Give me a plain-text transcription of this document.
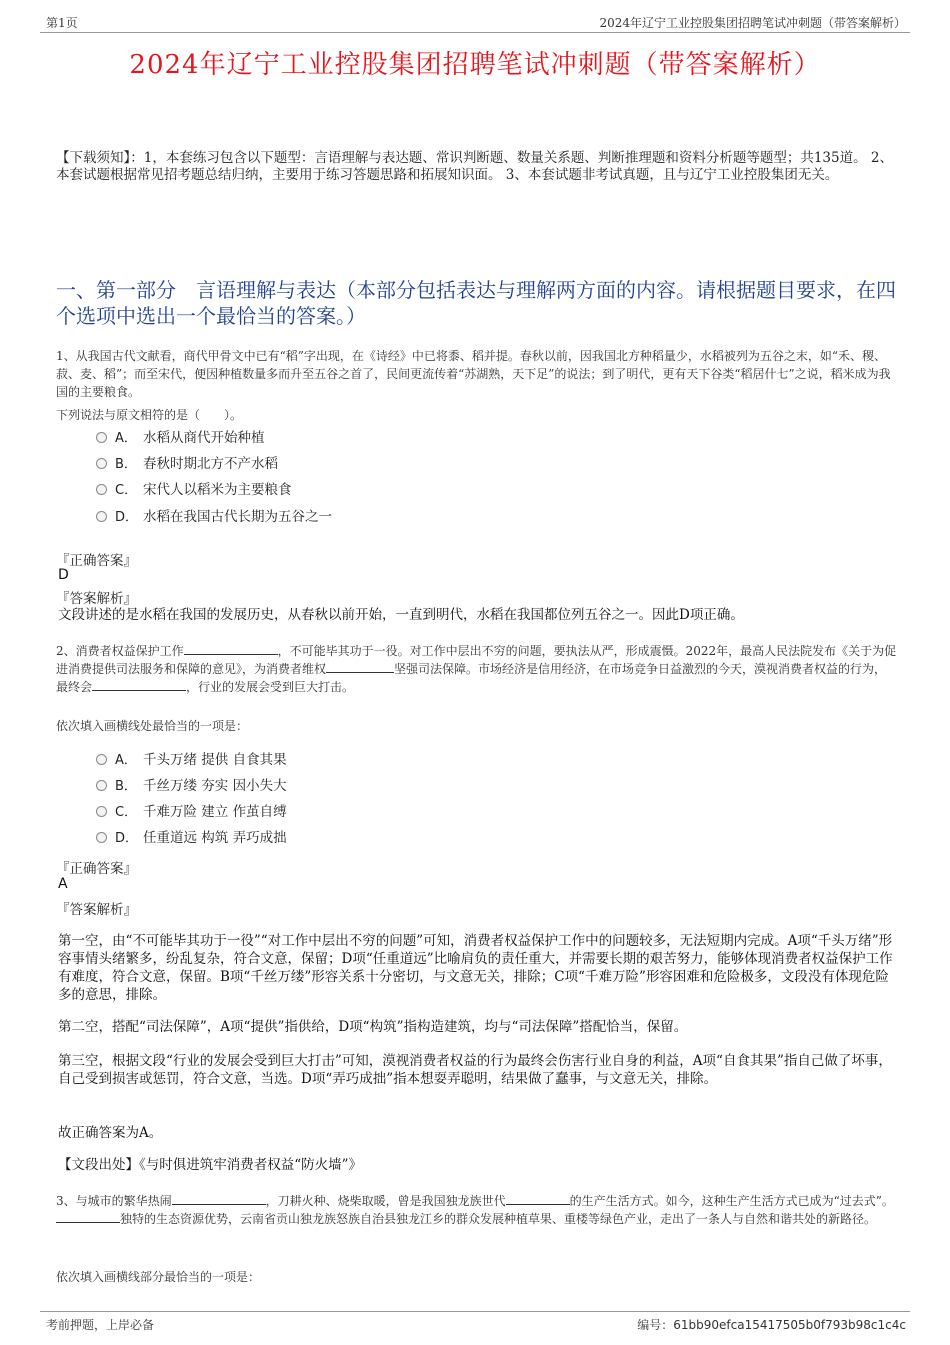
第1页	2024年辽宁工业控股集团招聘笔试冲刺题（带答案解析）
2024年辽宁工业控股集团招聘笔试冲刺题（带答案解析）
【下载须知】：1，本套练习包含以下题型：言语理解与表达题、常识判断题、数量关系题、判断推理题和资料分析题等题型；共135道。 2、本套试题根据常见招考题总结归纳，主要用于练习答题思路和拓展知识面。 3、本套试题非考试真题，且与辽宁工业控股集团无关。
一、第一部分　言语理解与表达（本部分包括表达与理解两方面的内容。请根据题目要求，在四个选项中选出一个最恰当的答案。）
1、从我国古代文献看，商代甲骨文中已有“稻”字出现，在《诗经》中已将黍、稻并提。春秋以前，因我国北方种稻量少，水稻被列为五谷之末，如“禾、稷、菽、麦、稻”；而至宋代，便因种植数量多而升至五谷之首了，民间更流传着“苏湖熟，天下足”的说法；到了明代，更有天下谷类“稻居什七”之说，稻米成为我国的主要粮食。
下列说法与原文相符的是（　　）。
A． 水稻从商代开始种植
B． 春秋时期北方不产水稻
C． 宋代人以稻米为主要粮食
D． 水稻在我国古代长期为五谷之一
『正确答案』
D
『答案解析』
文段讲述的是水稻在我国的发展历史，从春秋以前开始，一直到明代，水稻在我国都位列五谷之一。因此D项正确。
2、消费者权益保护工作	，不可能毕其功于一役。对工作中层出不穷的问题，要执法从严，形成震慑。2022年，最高人民法院发布《关于为促进消费提供司法服务和保障的意见》，为消费者维权	坚强司法保障。市场经济是信用经济，在市场竞争日益激烈的今天，漠视消费者权益的行为，最终会	，行业的发展会受到巨大打击。
依次填入画横线处最恰当的一项是：
A． 千头万绪 提供 自食其果
B． 千丝万缕 夯实 因小失大
C． 千难万险 建立 作茧自缚
D． 任重道远 构筑 弄巧成拙
『正确答案』
A
『答案解析』
第一空，由“不可能毕其功于一役”“对工作中层出不穷的问题”可知，消费者权益保护工作中的问题较多，无法短期内完成。A项“千头万绪”形容事情头绪繁多，纷乱复杂，符合文意，保留；D项“任重道远”比喻肩负的责任重大，并需要长期的艰苦努力，能够体现消费者权益保护工作有难度，符合文意，保留。B项“千丝万缕”形容关系十分密切，与文意无关，排除；C项“千难万险”形容困难和危险极多，文段没有体现危险多的意思，排除。
第二空，搭配“司法保障”，A项“提供”指供给，D项“构筑”指构造建筑，均与“司法保障”搭配恰当，保留。
第三空，根据文段“行业的发展会受到巨大打击”可知，漠视消费者权益的行为最终会伤害行业自身的利益，A项“自食其果”指自己做了坏事，自己受到损害或惩罚，符合文意，当选。D项“弄巧成拙”指本想耍弄聪明，结果做了蠢事，与文意无关，排除。
故正确答案为A。
【文段出处】《与时俱进筑牢消费者权益“防火墙”》
3、与城市的繁华热闹	，刀耕火种、烧柴取暖，曾是我国独龙族世代	的生产生活方式。如今，这种生产生活方式已成为“过去式”。独特的生态资源优势，云南省贡山独龙族怒族自治县独龙江乡的群众发展种植草果、重楼等绿色产业，走出了一条人与自然和谐共处的新路径。
依次填入画横线部分最恰当的一项是：
考前押题，上岸必备	编号：61bb90efca15417505b0f793b98c1c4c
